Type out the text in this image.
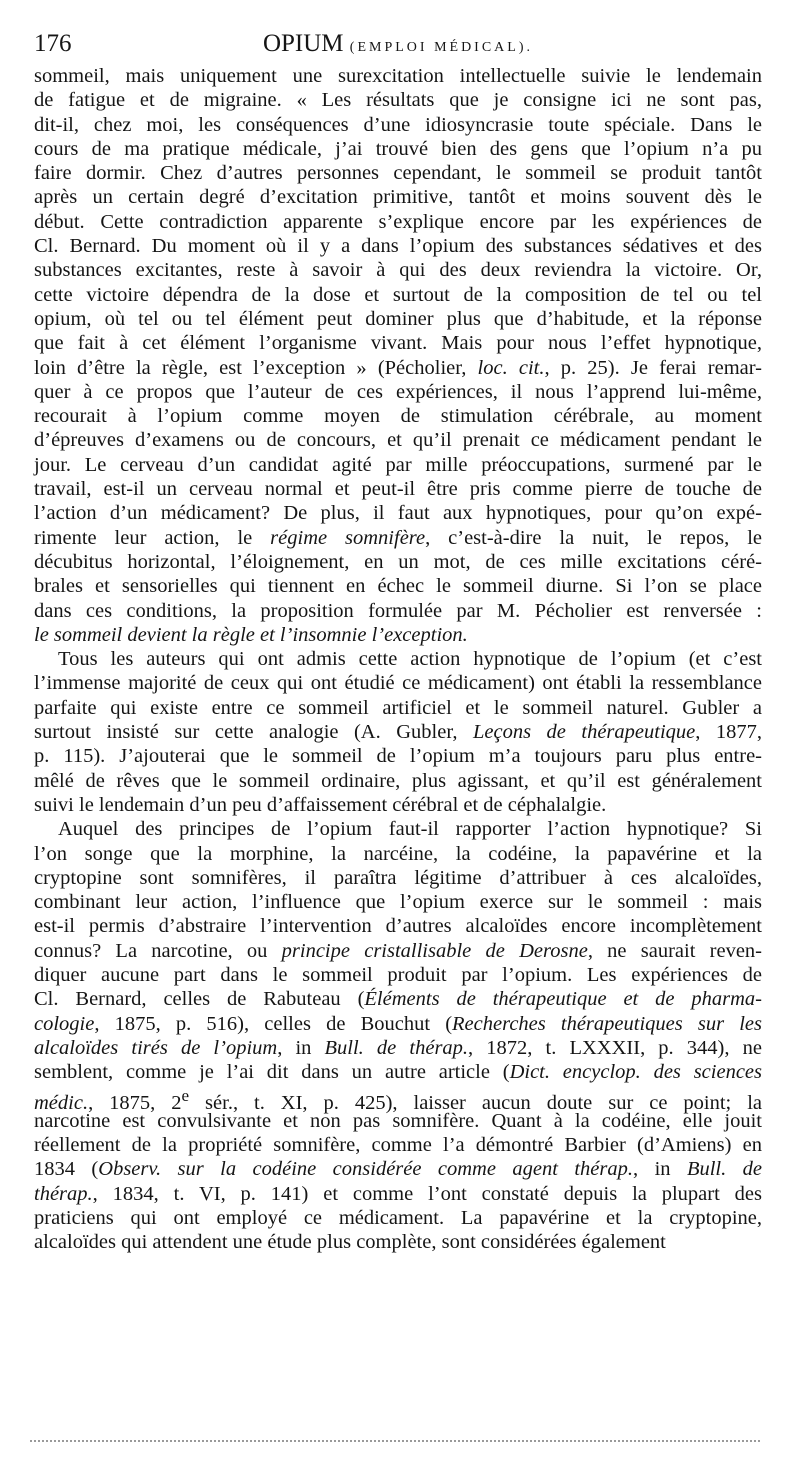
176	OPIUM (EMPLOI MÉDICAL).
sommeil, mais uniquement une surexcitation intellectuelle suivie le lendemain
de fatigue et de migraine. « Les résultats que je consigne ici ne sont pas,
dit-il, chez moi, les conséquences d’une idiosyncrasie toute spéciale. Dans le
cours de ma pratique médicale, j’ai trouvé bien des gens que l’opium n’a pu
faire dormir. Chez d’autres personnes cependant, le sommeil se produit tantôt
après un certain degré d’excitation primitive, tantôt et moins souvent dès le
début. Cette contradiction apparente s’explique encore par les expériences de
Cl. Bernard. Du moment où il y a dans l’opium des substances sédatives et des
substances excitantes, reste à savoir à qui des deux reviendra la victoire. Or,
cette victoire dépendra de la dose et surtout de la composition de tel ou tel
opium, où tel ou tel élément peut dominer plus que d’habitude, et la réponse
que fait à cet élément l’organisme vivant. Mais pour nous l’effet hypnotique,
loin d’être la règle, est l’exception » (Pécholier, loc. cit., p. 25). Je ferai remar-
quer à ce propos que l’auteur de ces expériences, il nous l’apprend lui-même,
recourait à l’opium comme moyen de stimulation cérébrale, au moment
d’épreuves d’examens ou de concours, et qu’il prenait ce médicament pendant le
jour. Le cerveau d’un candidat agité par mille préoccupations, surmené par le
travail, est-il un cerveau normal et peut-il être pris comme pierre de touche de
l’action d’un médicament? De plus, il faut aux hypnotiques, pour qu’on expé-
rimente leur action, le régime somnifère, c’est-à-dire la nuit, le repos, le
décubitus horizontal, l’éloignement, en un mot, de ces mille excitations céré-
brales et sensorielles qui tiennent en échec le sommeil diurne. Si l’on se place
dans ces conditions, la proposition formulée par M. Pécholier est renversée :
le sommeil devient la règle et l’insomnie l’exception.
Tous les auteurs qui ont admis cette action hypnotique de l’opium (et c’est
l’immense majorité de ceux qui ont étudié ce médicament) ont établi la ressemblance
parfaite qui existe entre ce sommeil artificiel et le sommeil naturel. Gubler a
surtout insisté sur cette analogie (A. Gubler, Leçons de thérapeutique, 1877,
p. 115). J’ajouterai que le sommeil de l’opium m’a toujours paru plus entre-
mêlé de rêves que le sommeil ordinaire, plus agissant, et qu’il est généralement
suivi le lendemain d’un peu d’affaissement cérébral et de céphalalgie.
Auquel des principes de l’opium faut-il rapporter l’action hypnotique? Si
l’on songe que la morphine, la narcéine, la codéine, la papavérine et la
cryptopine sont somnifères, il paraîtra légitime d’attribuer à ces alcaloïdes,
combinant leur action, l’influence que l’opium exerce sur le sommeil : mais
est-il permis d’abstraire l’intervention d’autres alcaloïdes encore incomplètement
connus? La narcotine, ou principe cristallisable de Derosne, ne saurait reven-
diquer aucune part dans le sommeil produit par l’opium. Les expériences de
Cl. Bernard, celles de Rabuteau (Éléments de thérapeutique et de pharma-
cologie, 1875, p. 516), celles de Bouchut (Recherches thérapeutiques sur les
alcaloïdes tirés de l’opium, in Bull. de thérap., 1872, t. LXXXII, p. 344), ne
semblent, comme je l’ai dit dans un autre article (Dict. encyclop. des sciences
médic., 1875, 2e sér., t. XI, p. 425), laisser aucun doute sur ce point; la
narcotine est convulsivante et non pas somnifère. Quant à la codéine, elle jouit
réellement de la propriété somnifère, comme l’a démontré Barbier (d’Amiens) en
1834 (Observ. sur la codéine considérée comme agent thérap., in Bull. de
thérap., 1834, t. VI, p. 141) et comme l’ont constaté depuis la plupart des
praticiens qui ont employé ce médicament. La papavérine et la cryptopine,
alcaloïdes qui attendent une étude plus complète, sont considérées également
